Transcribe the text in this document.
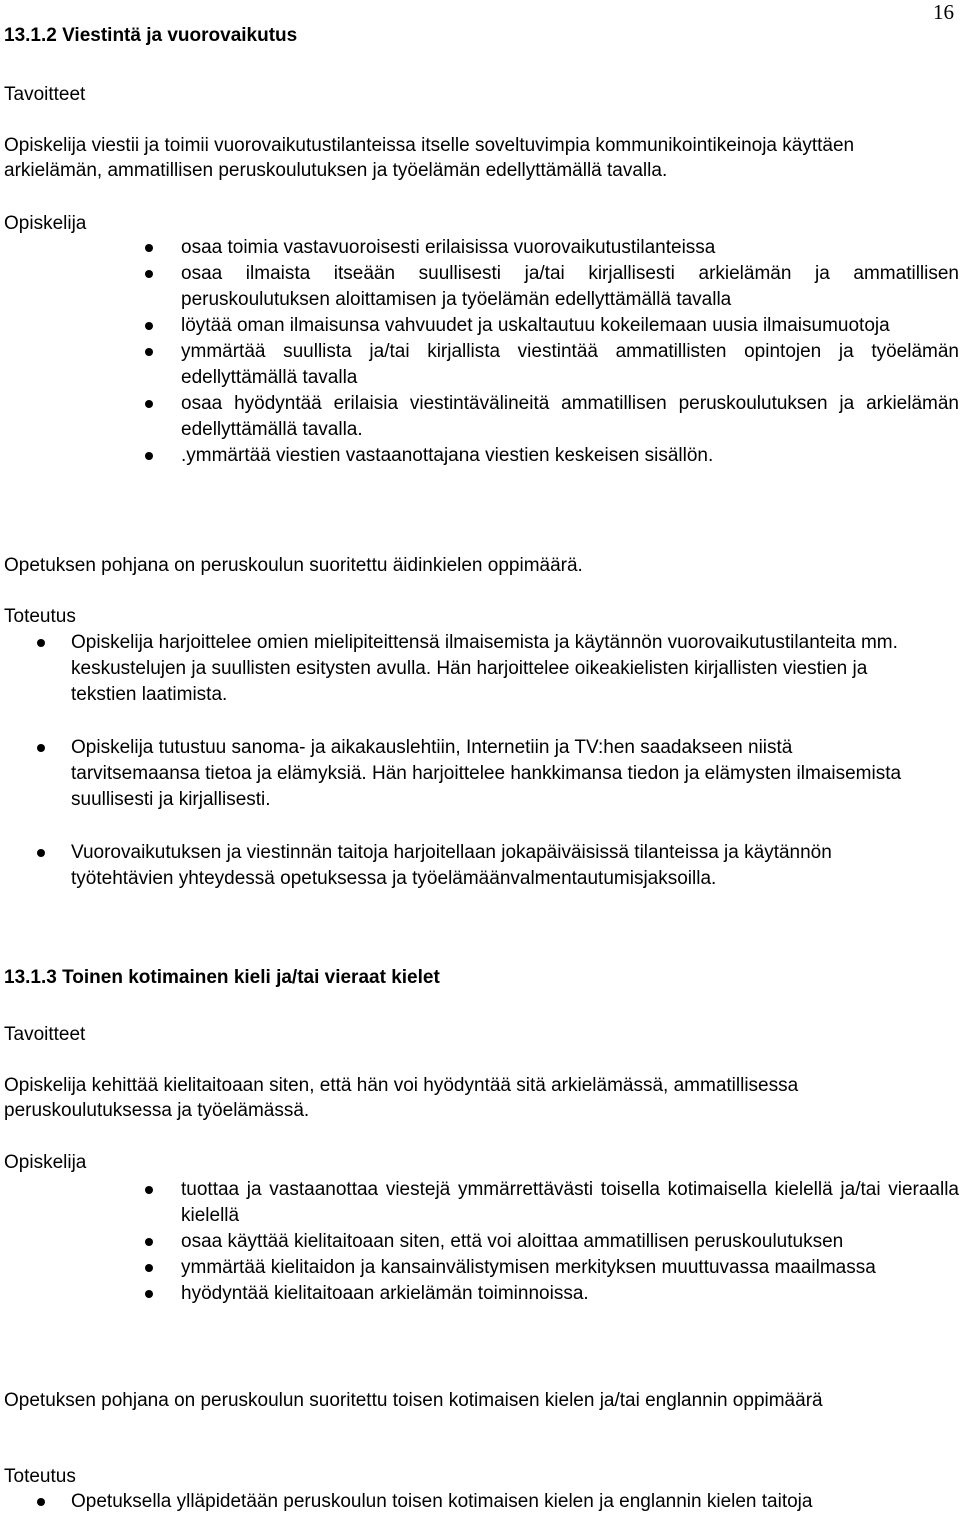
16

13.1.2 Viestintä ja vuorovaikutus

Tavoitteet

Opiskelija viestii ja toimii vuorovaikutustilanteissa itselle soveltuvimpia kommunikointikeinoja käyttäen arkielämän, ammatillisen peruskoulutuksen ja työelämän edellyttämällä tavalla.

Opiskelija

osaa toimia vastavuoroisesti erilaisissa vuorovaikutustilanteissa
osaa ilmaista itseään suullisesti ja/tai kirjallisesti arkielämän ja ammatillisen peruskoulutuksen aloittamisen ja työelämän edellyttämällä tavalla
löytää oman ilmaisunsa vahvuudet ja uskaltautuu kokeilemaan uusia ilmaisumuotoja
ymmärtää suullista ja/tai kirjallista viestintää ammatillisten opintojen ja työelämän edellyttämällä tavalla
osaa hyödyntää erilaisia viestintävälineitä ammatillisen peruskoulutuksen ja arkielämän edellyttämällä tavalla.
.ymmärtää viestien vastaanottajana viestien keskeisen sisällön.

Opetuksen pohjana on peruskoulun suoritettu äidinkielen oppimäärä.

Toteutus

Opiskelija harjoittelee omien mielipiteittensä ilmaisemista ja käytännön vuorovaikutustilanteita mm. keskustelujen ja suullisten esitysten avulla. Hän harjoittelee oikeakielisten kirjallisten viestien ja tekstien laatimista.
Opiskelija tutustuu sanoma- ja aikakauslehtiin, Internetiin ja TV:hen saadakseen niistä tarvitsemaansa tietoa ja elämyksiä. Hän harjoittelee hankkimansa tiedon ja elämysten ilmaisemista suullisesti ja kirjallisesti.
Vuorovaikutuksen ja viestinnän taitoja harjoitellaan jokapäiväisissä tilanteissa ja käytännön työtehtävien yhteydessä opetuksessa ja työelämäänvalmentautumisjaksoilla.

13.1.3 Toinen kotimainen kieli ja/tai vieraat kielet

Tavoitteet

Opiskelija kehittää kielitaitoaan siten, että hän voi hyödyntää sitä arkielämässä, ammatillisessa peruskoulutuksessa ja työelämässä.

Opiskelija

tuottaa ja vastaanottaa viestejä ymmärrettävästi toisella kotimaisella kielellä ja/tai vieraalla kielellä
osaa käyttää kielitaitoaan siten, että voi aloittaa ammatillisen peruskoulutuksen
ymmärtää kielitaidon ja kansainvälistymisen merkityksen muuttuvassa maailmassa
hyödyntää kielitaitoaan arkielämän toiminnoissa.

Opetuksen pohjana on peruskoulun suoritettu toisen kotimaisen kielen ja/tai englannin oppimäärä

Toteutus

Opetuksella ylläpidetään peruskoulun toisen kotimaisen kielen ja englannin kielen taitoja
